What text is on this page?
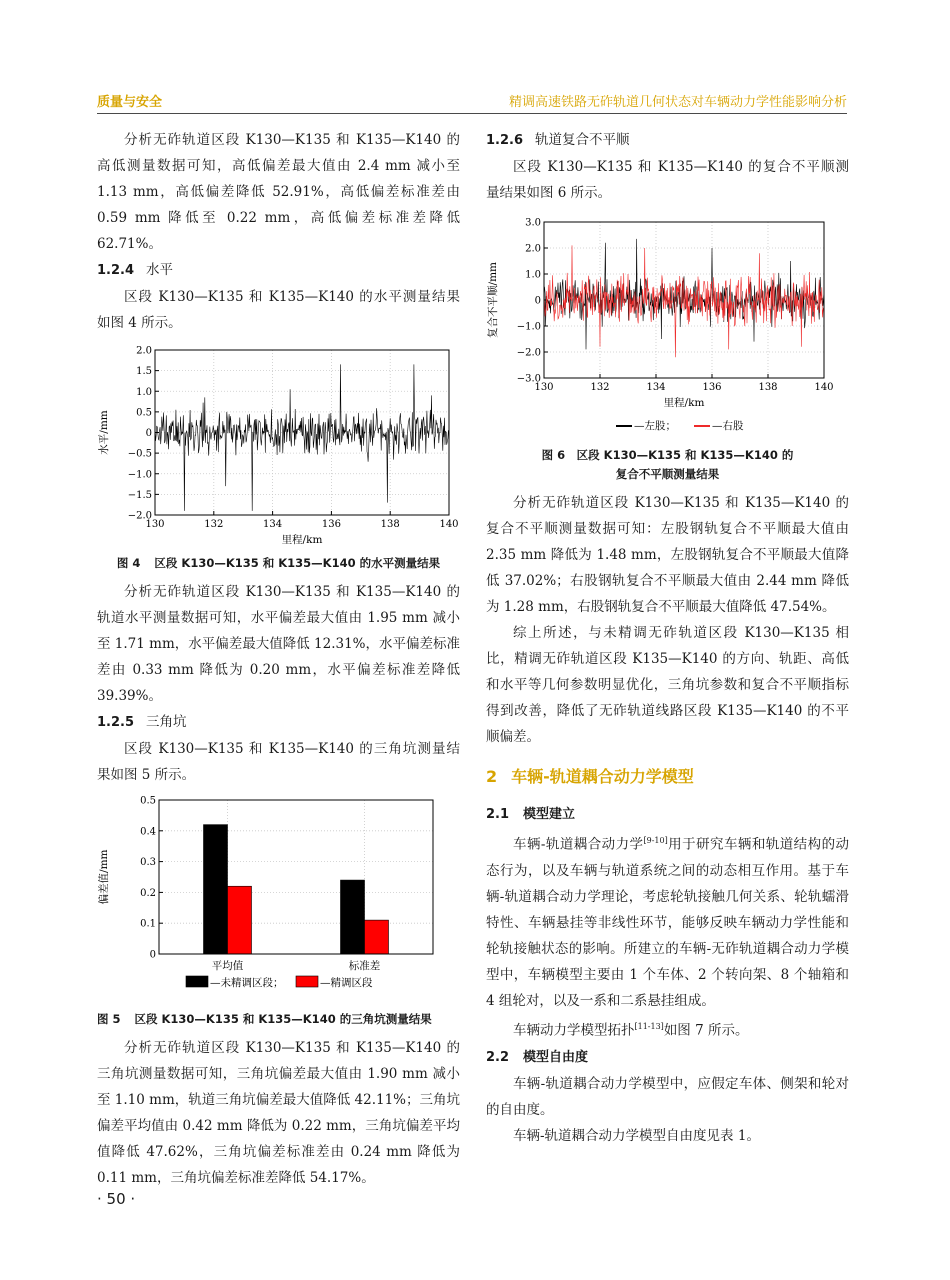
质量与安全	精调高速铁路无砟轨道几何状态对车辆动力学性能影响分析

分析无砟轨道区段 K130—K135 和 K135—K140 的高低测量数据可知，高低偏差最大值由 2.4 mm 减小至 1.13 mm，高低偏差降低 52.91%，高低偏差标准差由 0.59 mm 降低至 0.22 mm，高低偏差标准差降低 62.71%。

1.2.4 水平

区段 K130—K135 和 K135—K140 的水平测量结果如图 4 所示。

−2.0
−1.5
−1.0
−0.5
0
0.5
1.0
1.5
2.0
130	132	134	136	138	140
里程/km
水平/mm
图 4 区段 K130—K135 和 K135—K140 的水平测量结果

分析无砟轨道区段 K130—K135 和 K135—K140 的轨道水平测量数据可知，水平偏差最大值由 1.95 mm 减小至 1.71 mm，水平偏差最大值降低 12.31%，水平偏差标准差由 0.33 mm 降低为 0.20 mm，水平偏差标准差降低 39.39%。

1.2.5 三角坑

区段 K130—K135 和 K135—K140 的三角坑测量结果如图 5 所示。

0
0.1
0.2
0.3
0.4
0.5
平均值	标准差
偏差值/mm
—未精调区段；	—精调区段
图 5 区段 K130—K135 和 K135—K140 的三角坑测量结果

分析无砟轨道区段 K130—K135 和 K135—K140 的三角坑测量数据可知，三角坑偏差最大值由 1.90 mm 减小至 1.10 mm，轨道三角坑偏差最大值降低 42.11%；三角坑偏差平均值由 0.42 mm 降低为 0.22 mm，三角坑偏差平均值降低 47.62%，三角坑偏差标准差由 0.24 mm 降低为 0.11 mm，三角坑偏差标准差降低 54.17%。

1.2.6 轨道复合不平顺

区段 K130—K135 和 K135—K140 的复合不平顺测量结果如图 6 所示。

−3.0
−2.0
−1.0
0
1.0
2.0
3.0
130	132	134	136	138	140
里程/km
复合不平顺/mm
—左股；	—右股
图 6　区段 K130—K135 和 K135—K140 的
复合不平顺测量结果

分析无砟轨道区段 K130—K135 和 K135—K140 的复合不平顺测量数据可知：左股钢轨复合不平顺最大值由 2.35 mm 降低为 1.48 mm，左股钢轨复合不平顺最大值降低 37.02%；右股钢轨复合不平顺最大值由 2.44 mm 降低为 1.28 mm，右股钢轨复合不平顺最大值降低 47.54%。

综上所述，与未精调无砟轨道区段 K130—K135 相比，精调无砟轨道区段 K135—K140 的方向、轨距、高低和水平等几何参数明显优化，三角坑参数和复合不平顺指标得到改善，降低了无砟轨道线路区段 K135—K140 的不平顺偏差。

2 车辆-轨道耦合动力学模型
2.1 模型建立

车辆-轨道耦合动力学[9-10]用于研究车辆和轨道结构的动态行为，以及车辆与轨道系统之间的动态相互作用。基于车辆-轨道耦合动力学理论，考虑轮轨接触几何关系、轮轨蠕滑特性、车辆悬挂等非线性环节，能够反映车辆动力学性能和轮轨接触状态的影响。所建立的车辆-无砟轨道耦合动力学模型中，车辆模型主要由 1 个车体、2 个转向架、8 个轴箱和 4 组轮对，以及一系和二系悬挂组成。

车辆动力学模型拓扑[11-13]如图 7 所示。

2.2 模型自由度

车辆-轨道耦合动力学模型中，应假定车体、侧架和轮对的自由度。

车辆-轨道耦合动力学模型自由度见表 1。

· 50 ·
